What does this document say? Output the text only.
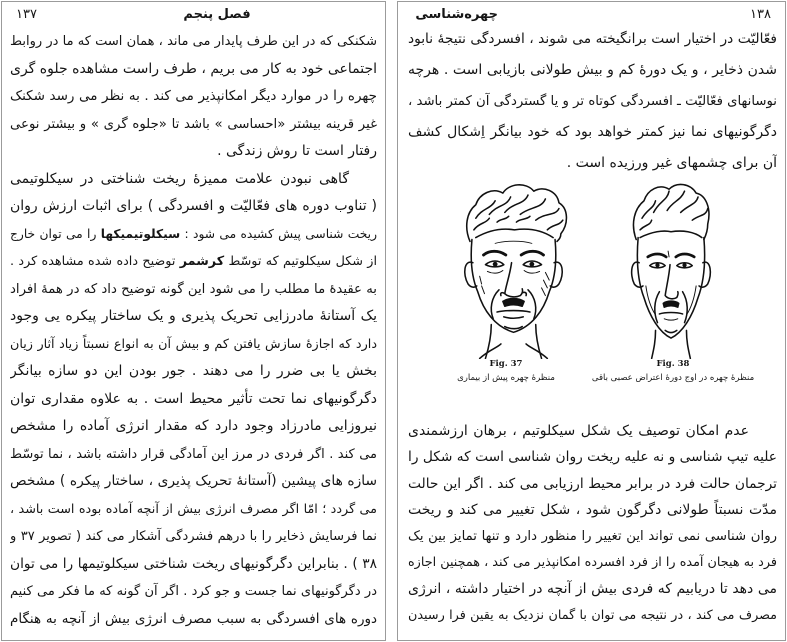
۱۳۷	فصل پنجم
شکنکی که در این طرف پایدار می ماند ، همان است که ما در روابط
اجتماعی خود به کار می بریم ، طرف راست مشاهده جلوه گری
چهره را در موارد دیگر امکانپذیر می کند . به نظر می رسد شکنک
غیر قرینه بیشتر «احساسی » باشد تا «جلوه گری » و بیشتر نوعی
رفتار است تا روش زندگی .
گاهی نبودن علامت ممیزهٔ ریخت شناختی در سیکلوتیمی
( تناوب دوره های فعّالیّت و افسردگی ) برای اثبات ارزش روان
ریخت شناسی پیش کشیده می شود : سیکلوتیمیکها را می توان خارج
از شکل سیکلوتیم که توسّط کرشمر توضیح داده شده مشاهده کرد .
به عقیدهٔ ما مطلب را می شود این گونه توضیح داد که در همهٔ افراد
یک آستانهٔ مادرزایی تحریک پذیری و یک ساختار پیکره یی وجود
دارد که اجازهٔ سازش یافتن کم و بیش آن به انواع نسبتاً زیاد آثار زیان
بخش یا بی ضرر را می دهند . جور بودن این دو سازه بیانگر
دگرگونیهای نما تحت تأثیر محیط است . به علاوه مقداری توان
نیروزایی مادرزاد وجود دارد که مقدار انرژی آماده را مشخص
می کند . اگر فردی در مرز این آمادگی قرار داشته باشد ، نما توسّط
سازه های پیشین (آستانهٔ تحریک پذیری ، ساختار پیکره ) مشخص
می گردد ؛ امّا اگر مصرف انرژی بیش از آنچه آماده بوده است باشد ،
نما فرسایش ذخایر را با درهم فشردگی آشکار می کند ( تصویر ۳۷ و
۳۸ ) . بنابراین دگرگونیهای ریخت شناختی سیکلوتیمها را می توان
در دگرگونیهای نما جست و جو کرد . اگر آن گونه که ما فکر می کنیم
دوره های افسردگی به سبب مصرف انرژی بیش از آنچه به هنگام
۱۳۸
چهره‌شناسی
فعّالیّت در اختیار است برانگیخته می شوند ، افسردگی نتیجهٔ نابود
شدن ذخایر ، و یک دورهٔ کم و بیش طولانی بازیابی است . هرچه
نوسانهای فعّالیّت ـ افسردگی کوتاه تر و یا گستردگی آن کمتر باشد ،
دگرگونیهای نما نیز کمتر خواهد بود که خود بیانگر اِشکال کشف
آن برای چشمهای غیر ورزیده است .
Fig. 37
منظرهٔ چهره پیش از بیماری
Fig. 38
منظرهٔ چهره در اوج دورهٔ اعتراض عصبی باقی
عدم امکان توصیف یک شکل سیکلوتیم ، برهان ارزشمندی
علیه تیپ شناسی و نه علیه ریخت روان شناسی است که شکل را
ترجمان حالت فرد در برابر محیط ارزیابی می کند . اگر این حالت
مدّت نسبتاً طولانی دگرگون شود ، شکل تغییر می کند و ریخت
روان شناسی نمی تواند این تغییر را منظور دارد و تنها تمایز بین یک
فرد به هیجان آمده را از فرد افسرده امکانپذیر می کند ، همچنین اجازه
می دهد تا دریابیم که فردی بیش از آنچه در اختیار داشته ، انرژی
مصرف می کند ، در نتیجه می توان با گمان نزدیک به یقین فرا رسیدن
